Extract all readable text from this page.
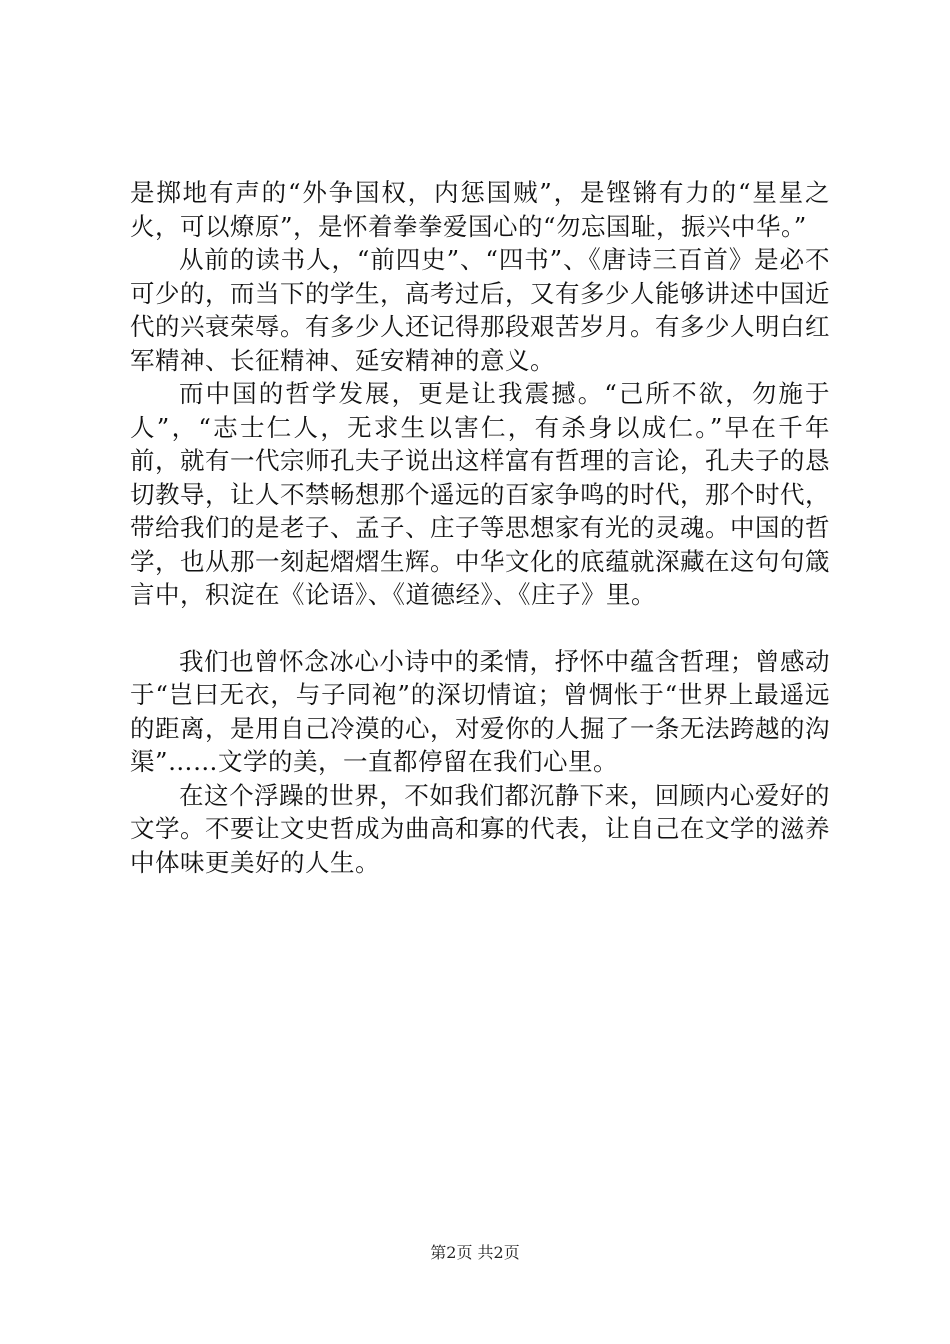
是掷地有声的“外争国权，内惩国贼”，是铿锵有力的“星星之火，可以燎原”，是怀着拳拳爱国心的“勿忘国耻，振兴中华。”

从前的读书人，“前四史”、“四书”、《唐诗三百首》是必不可少的，而当下的学生，高考过后，又有多少人能够讲述中国近代的兴衰荣辱。有多少人还记得那段艰苦岁月。有多少人明白红军精神、长征精神、延安精神的意义。

而中国的哲学发展，更是让我震撼。“己所不欲，勿施于人”，“志士仁人，无求生以害仁，有杀身以成仁。”早在千年前，就有一代宗师孔夫子说出这样富有哲理的言论，孔夫子的恳切教导，让人不禁畅想那个遥远的百家争鸣的时代，那个时代，带给我们的是老子、孟子、庄子等思想家有光的灵魂。中国的哲学，也从那一刻起熠熠生辉。中华文化的底蕴就深藏在这句句箴言中，积淀在《论语》、《道德经》、《庄子》里。

我们也曾怀念冰心小诗中的柔情，抒怀中蕴含哲理；曾感动于“岂曰无衣，与子同袍”的深切情谊；曾惆怅于“世界上最遥远的距离，是用自己冷漠的心，对爱你的人掘了一条无法跨越的沟渠”……文学的美，一直都停留在我们心里。

在这个浮躁的世界，不如我们都沉静下来，回顾内心爱好的文学。不要让文史哲成为曲高和寡的代表，让自己在文学的滋养中体味更美好的人生。

第2页 共2页
